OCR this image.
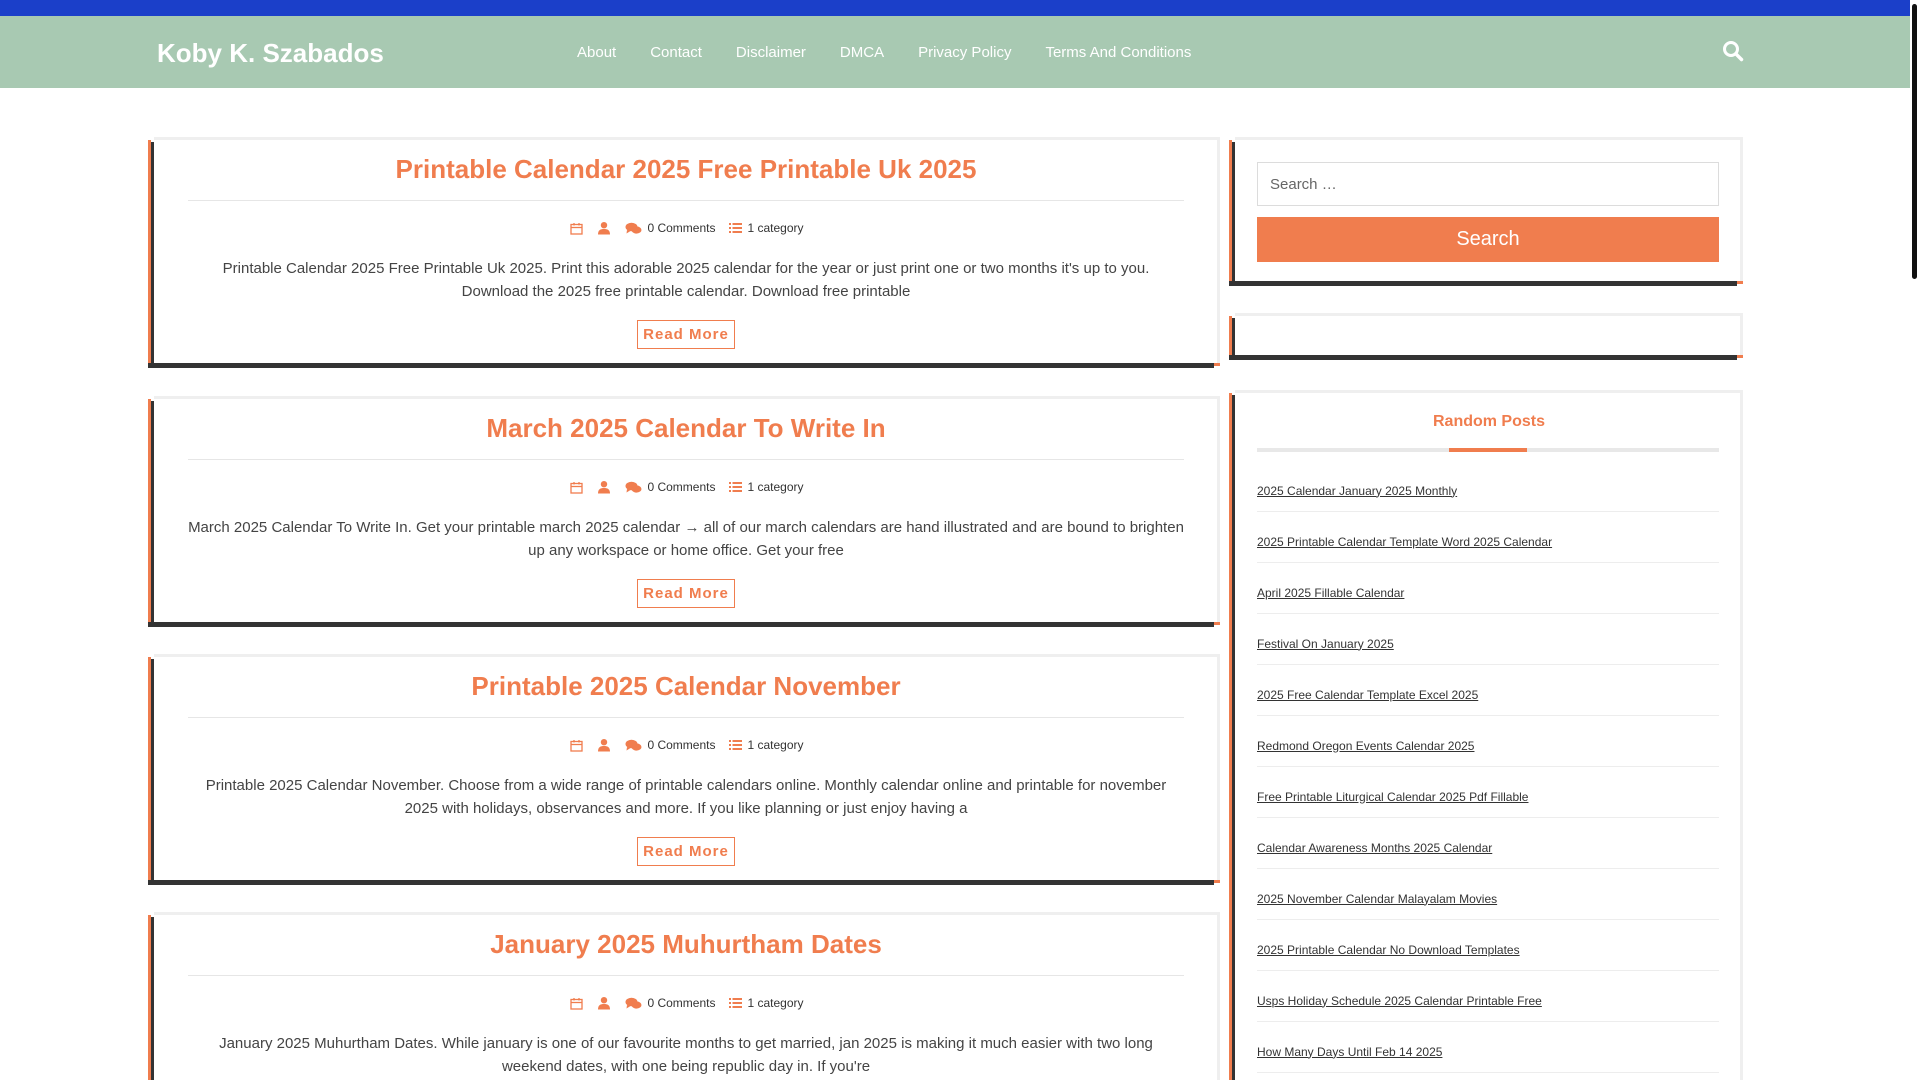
Koby K. Szabados	About	Contact	Disclaimer	DMCA	Privacy Policy	Terms And Conditions
Printable Calendar 2025 Free Printable Uk 2025
0 Comments	1 category

Printable Calendar 2025 Free Printable Uk 2025. Print this adorable 2025 calendar for the year or just print one or two months it's up to you. Download the 2025 free printable calendar. Download free printable

Read More
March 2025 Calendar To Write In
0 Comments	1 category

March 2025 Calendar To Write In. Get your printable march 2025 calendar → all of our march calendars are hand illustrated and are bound to brighten up any workspace or home office. Get your free

Read More
Printable 2025 Calendar November
0 Comments	1 category

Printable 2025 Calendar November. Choose from a wide range of printable calendars online. Monthly calendar online and printable for november 2025 with holidays, observances and more. If you like planning or just enjoy having a

Read More
January 2025 Muhurtham Dates
0 Comments	1 category

January 2025 Muhurtham Dates. While january is one of our favourite months to get married, jan 2025 is making it much easier with two long weekend dates, with one being republic day in. If you're

Search …
Search
Random Posts
2025 Calendar January 2025 Monthly
2025 Printable Calendar Template Word 2025 Calendar
April 2025 Fillable Calendar
Festival On January 2025
2025 Free Calendar Template Excel 2025
Redmond Oregon Events Calendar 2025
Free Printable Liturgical Calendar 2025 Pdf Fillable
Calendar Awareness Months 2025 Calendar
2025 November Calendar Malayalam Movies
2025 Printable Calendar No Download Templates
Usps Holiday Schedule 2025 Calendar Printable Free
How Many Days Until Feb 14 2025
